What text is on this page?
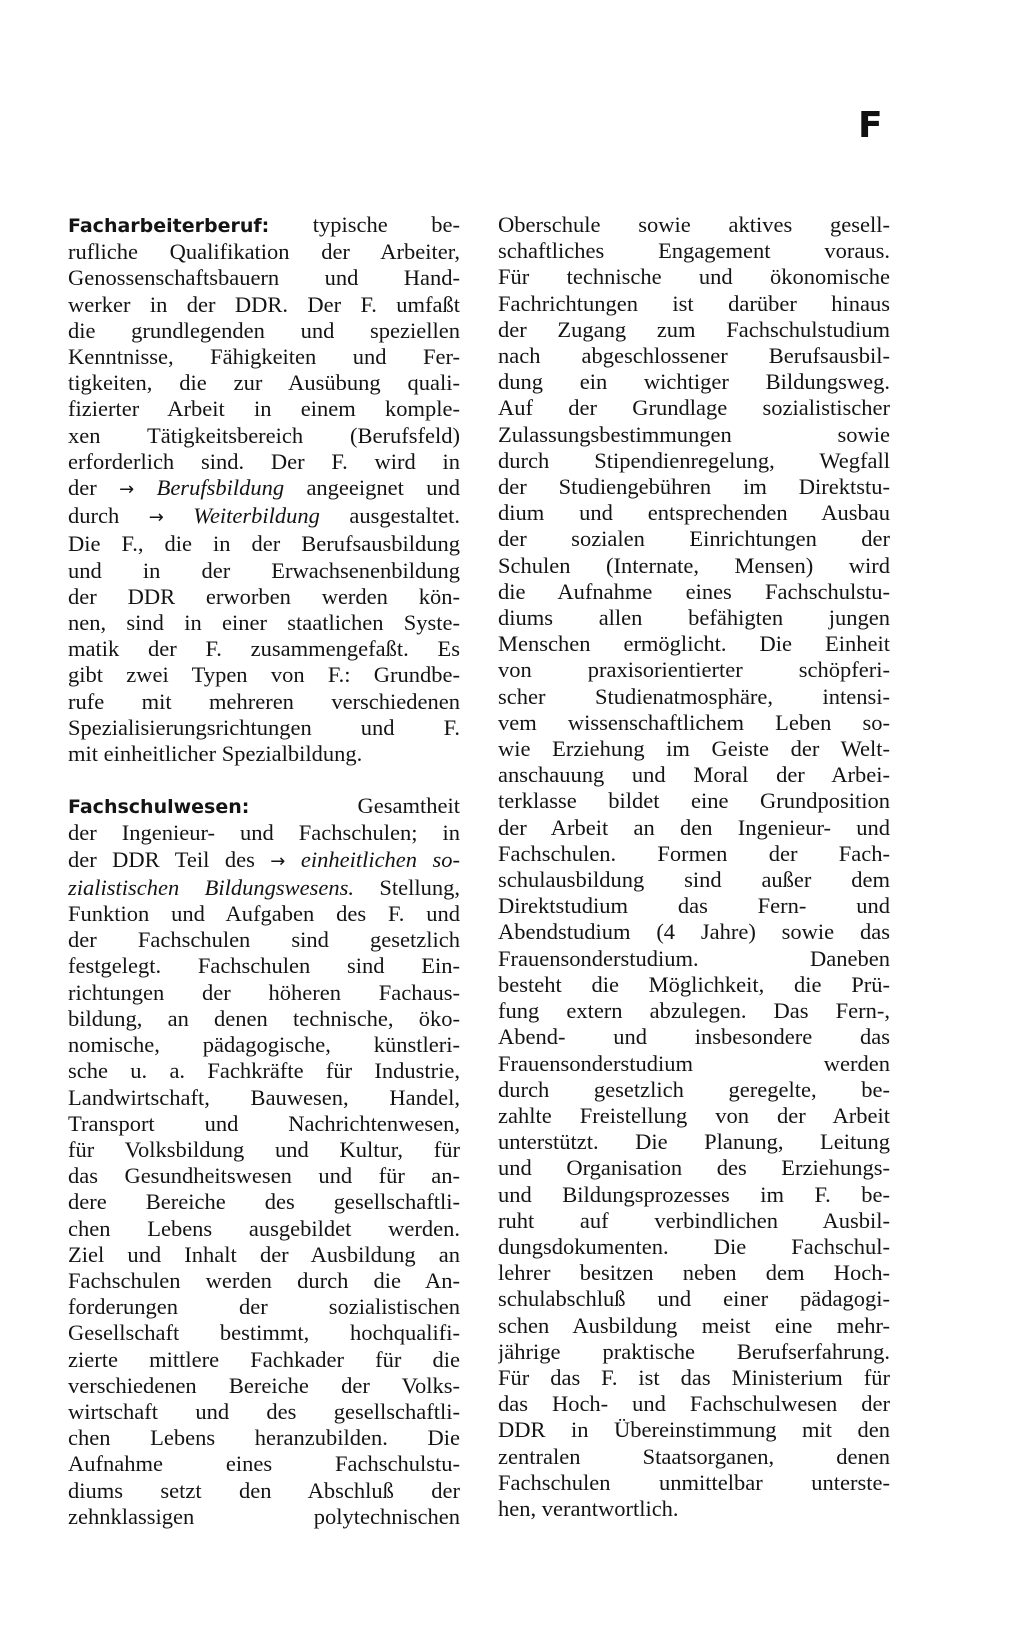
F
Facharbeiterberuf: typische be-
rufliche Qualifikation der Arbeiter,
Genossenschaftsbauern und Hand-
werker in der DDR. Der F. umfaßt
die grundlegenden und speziellen
Kenntnisse, Fähigkeiten und Fer-
tigkeiten, die zur Ausübung quali-
fizierter Arbeit in einem komple-
xen Tätigkeitsbereich (Berufsfeld)
erforderlich sind. Der F. wird in
der → Berufsbildung angeeignet und
durch → Weiterbildung ausgestaltet.
Die F., die in der Berufsausbildung
und in der Erwachsenenbildung
der DDR erworben werden kön-
nen, sind in einer staatlichen Syste-
matik der F. zusammengefaßt. Es
gibt zwei Typen von F.: Grundbe-
rufe mit mehreren verschiedenen
Spezialisierungsrichtungen und F.
mit einheitlicher Spezialbildung.
Fachschulwesen:	Gesamtheit
der Ingenieur- und Fachschulen; in
der DDR Teil des → einheitlichen so-
zialistischen Bildungswesens. Stellung,
Funktion und Aufgaben des F. und
der Fachschulen sind gesetzlich
festgelegt. Fachschulen sind Ein-
richtungen der höheren Fachaus-
bildung, an denen technische, öko-
nomische, pädagogische, künstleri-
sche u. a. Fachkräfte für Industrie,
Landwirtschaft, Bauwesen, Handel,
Transport und Nachrichtenwesen,
für Volksbildung und Kultur, für
das Gesundheitswesen und für an-
dere Bereiche des gesellschaftli-
chen Lebens ausgebildet werden.
Ziel und Inhalt der Ausbildung an
Fachschulen werden durch die An-
forderungen der sozialistischen
Gesellschaft bestimmt, hochqualifi-
zierte mittlere Fachkader für die
verschiedenen Bereiche der Volks-
wirtschaft und des gesellschaftli-
chen Lebens heranzubilden. Die
Aufnahme eines Fachschulstu-
diums setzt den Abschluß der
zehnklassigen polytechnischen
Oberschule sowie aktives gesell-
schaftliches Engagement voraus.
Für technische und ökonomische
Fachrichtungen ist darüber hinaus
der Zugang zum Fachschulstudium
nach abgeschlossener Berufsausbil-
dung ein wichtiger Bildungsweg.
Auf der Grundlage sozialistischer
Zulassungsbestimmungen sowie
durch Stipendienregelung, Wegfall
der Studiengebühren im Direktstu-
dium und entsprechenden Ausbau
der sozialen Einrichtungen der
Schulen (Internate, Mensen) wird
die Aufnahme eines Fachschulstu-
diums allen befähigten jungen
Menschen ermöglicht. Die Einheit
von praxisorientierter schöpferi-
scher Studienatmosphäre, intensi-
vem wissenschaftlichem Leben so-
wie Erziehung im Geiste der Welt-
anschauung und Moral der Arbei-
terklasse bildet eine Grundposition
der Arbeit an den Ingenieur- und
Fachschulen. Formen der Fach-
schulausbildung sind außer dem
Direktstudium das Fern- und
Abendstudium (4 Jahre) sowie das
Frauensonderstudium. Daneben
besteht die Möglichkeit, die Prü-
fung extern abzulegen. Das Fern-,
Abend- und insbesondere das
Frauensonderstudium werden
durch gesetzlich geregelte, be-
zahlte Freistellung von der Arbeit
unterstützt. Die Planung, Leitung
und Organisation des Erziehungs-
und Bildungsprozesses im F. be-
ruht auf verbindlichen Ausbil-
dungsdokumenten. Die Fachschul-
lehrer besitzen neben dem Hoch-
schulabschluß und einer pädagogi-
schen Ausbildung meist eine mehr-
jährige praktische Berufserfahrung.
Für das F. ist das Ministerium für
das Hoch- und Fachschulwesen der
DDR in Übereinstimmung mit den
zentralen Staatsorganen, denen
Fachschulen unmittelbar unterste-
hen, verantwortlich.
